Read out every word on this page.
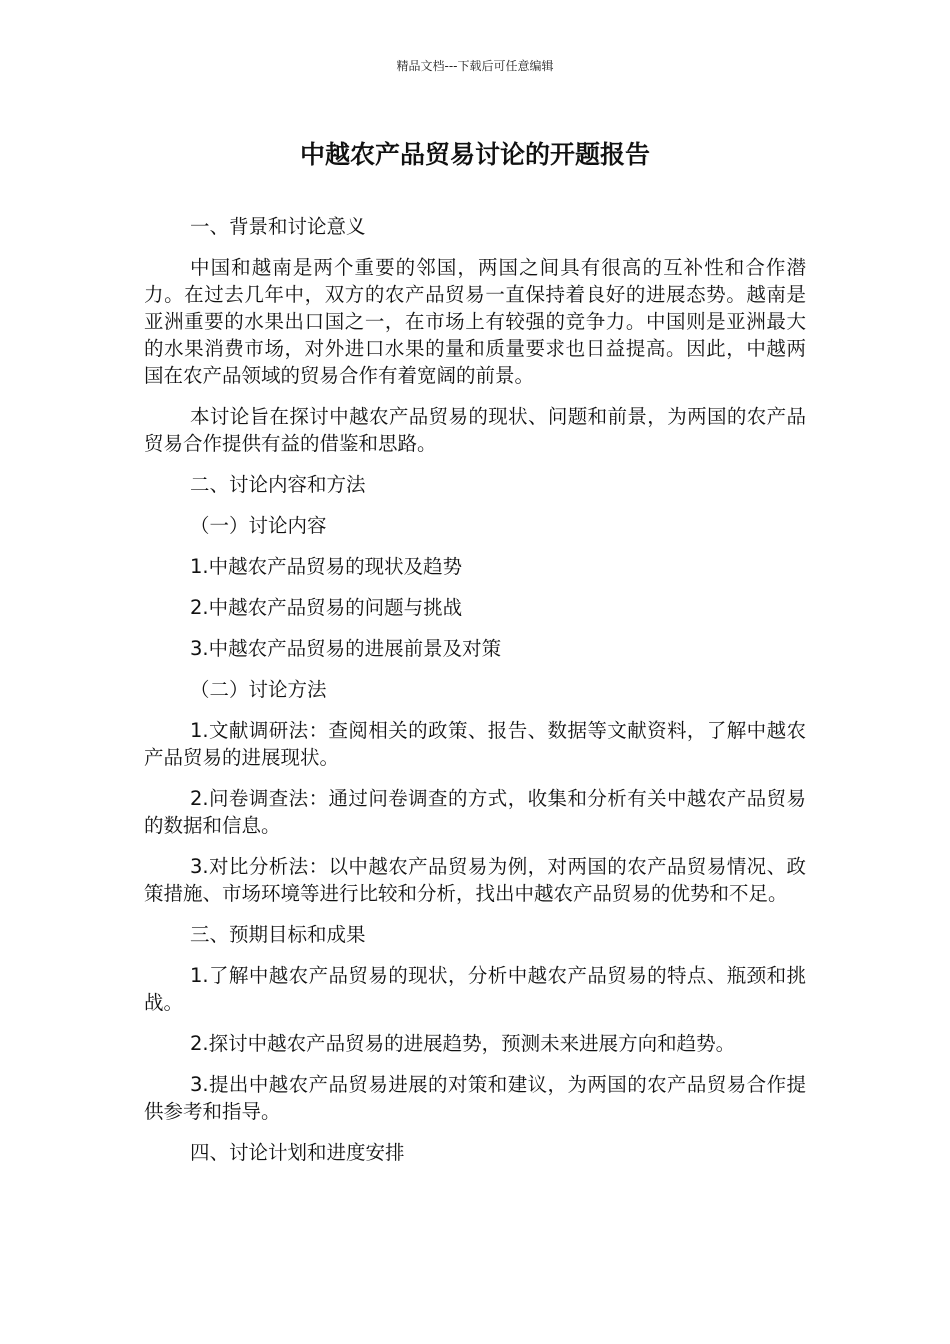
精品文档---下载后可任意编辑
中越农产品贸易讨论的开题报告

一、背景和讨论意义

中国和越南是两个重要的邻国，两国之间具有很高的互补性和合作潜力。在过去几年中，双方的农产品贸易一直保持着良好的进展态势。越南是亚洲重要的水果出口国之一，在市场上有较强的竞争力。中国则是亚洲最大的水果消费市场，对外进口水果的量和质量要求也日益提高。因此，中越两国在农产品领域的贸易合作有着宽阔的前景。

本讨论旨在探讨中越农产品贸易的现状、问题和前景，为两国的农产品贸易合作提供有益的借鉴和思路。

二、讨论内容和方法

（一）讨论内容

1.中越农产品贸易的现状及趋势

2.中越农产品贸易的问题与挑战

3.中越农产品贸易的进展前景及对策

（二）讨论方法

1.文献调研法：查阅相关的政策、报告、数据等文献资料，了解中越农产品贸易的进展现状。

2.问卷调查法：通过问卷调查的方式，收集和分析有关中越农产品贸易的数据和信息。

3.对比分析法：以中越农产品贸易为例，对两国的农产品贸易情况、政策措施、市场环境等进行比较和分析，找出中越农产品贸易的优势和不足。

三、预期目标和成果

1.了解中越农产品贸易的现状，分析中越农产品贸易的特点、瓶颈和挑战。

2.探讨中越农产品贸易的进展趋势，预测未来进展方向和趋势。

3.提出中越农产品贸易进展的对策和建议，为两国的农产品贸易合作提供参考和指导。

四、讨论计划和进度安排
